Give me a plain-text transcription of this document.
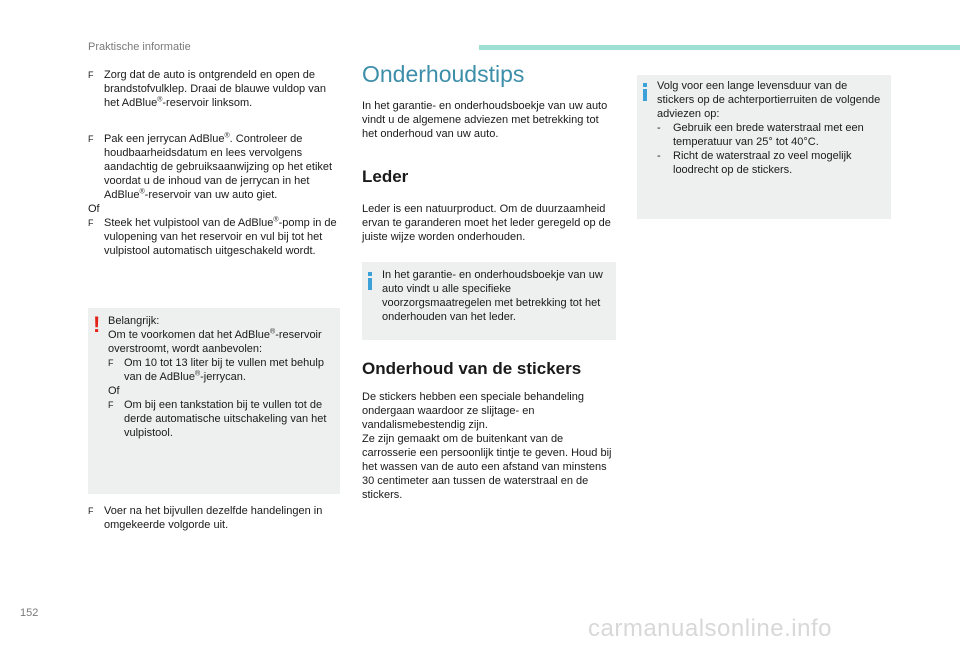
Praktische informatie
F Zorg dat de auto is ontgrendeld en open de brandstofvulklep. Draai de blauwe vuldop van het AdBlue®-reservoir linksom.
F Pak een jerrycan AdBlue®. Controleer de houdbaarheidsdatum en lees vervolgens aandachtig de gebruiksaanwijzing op het etiket voordat u de inhoud van de jerrycan in het AdBlue®-reservoir van uw auto giet.
Of
F Steek het vulpistool van de AdBlue®-pomp in de vulopening van het reservoir en vul bij tot het vulpistool automatisch uitgeschakeld wordt.
! Belangrijk:
Om te voorkomen dat het AdBlue®-reservoir overstroomt, wordt aanbevolen:
F Om 10 tot 13 liter bij te vullen met behulp van de AdBlue®-jerrycan.
Of
F Om bij een tankstation bij te vullen tot de derde automatische uitschakeling van het vulpistool.
F Voer na het bijvullen dezelfde handelingen in omgekeerde volgorde uit.
Onderhoudstips

In het garantie- en onderhoudsboekje van uw auto vindt u de algemene adviezen met betrekking tot het onderhoud van uw auto.

Leder

Leder is een natuurproduct. Om de duurzaamheid ervan te garanderen moet het leder geregeld op de juiste wijze worden onderhouden.

In het garantie- en onderhoudsboekje van uw auto vindt u alle specifieke voorzorgsmaatregelen met betrekking tot het onderhouden van het leder.

Onderhoud van de stickers

De stickers hebben een speciale behandeling ondergaan waardoor ze slijtage- en vandalismebestendig zijn.

Ze zijn gemaakt om de buitenkant van de carrosserie een persoonlijk tintje te geven. Houd bij het wassen van de auto een afstand van minstens 30 centimeter aan tussen de waterstraal en de stickers.

Volg voor een lange levensduur van de stickers op de achterportierruiten de volgende adviezen op:

- Gebruik een brede waterstraal met een temperatuur van 25° tot 40°C.
- Richt de waterstraal zo veel mogelijk loodrecht op de stickers.
152
carmanualsonline.info
